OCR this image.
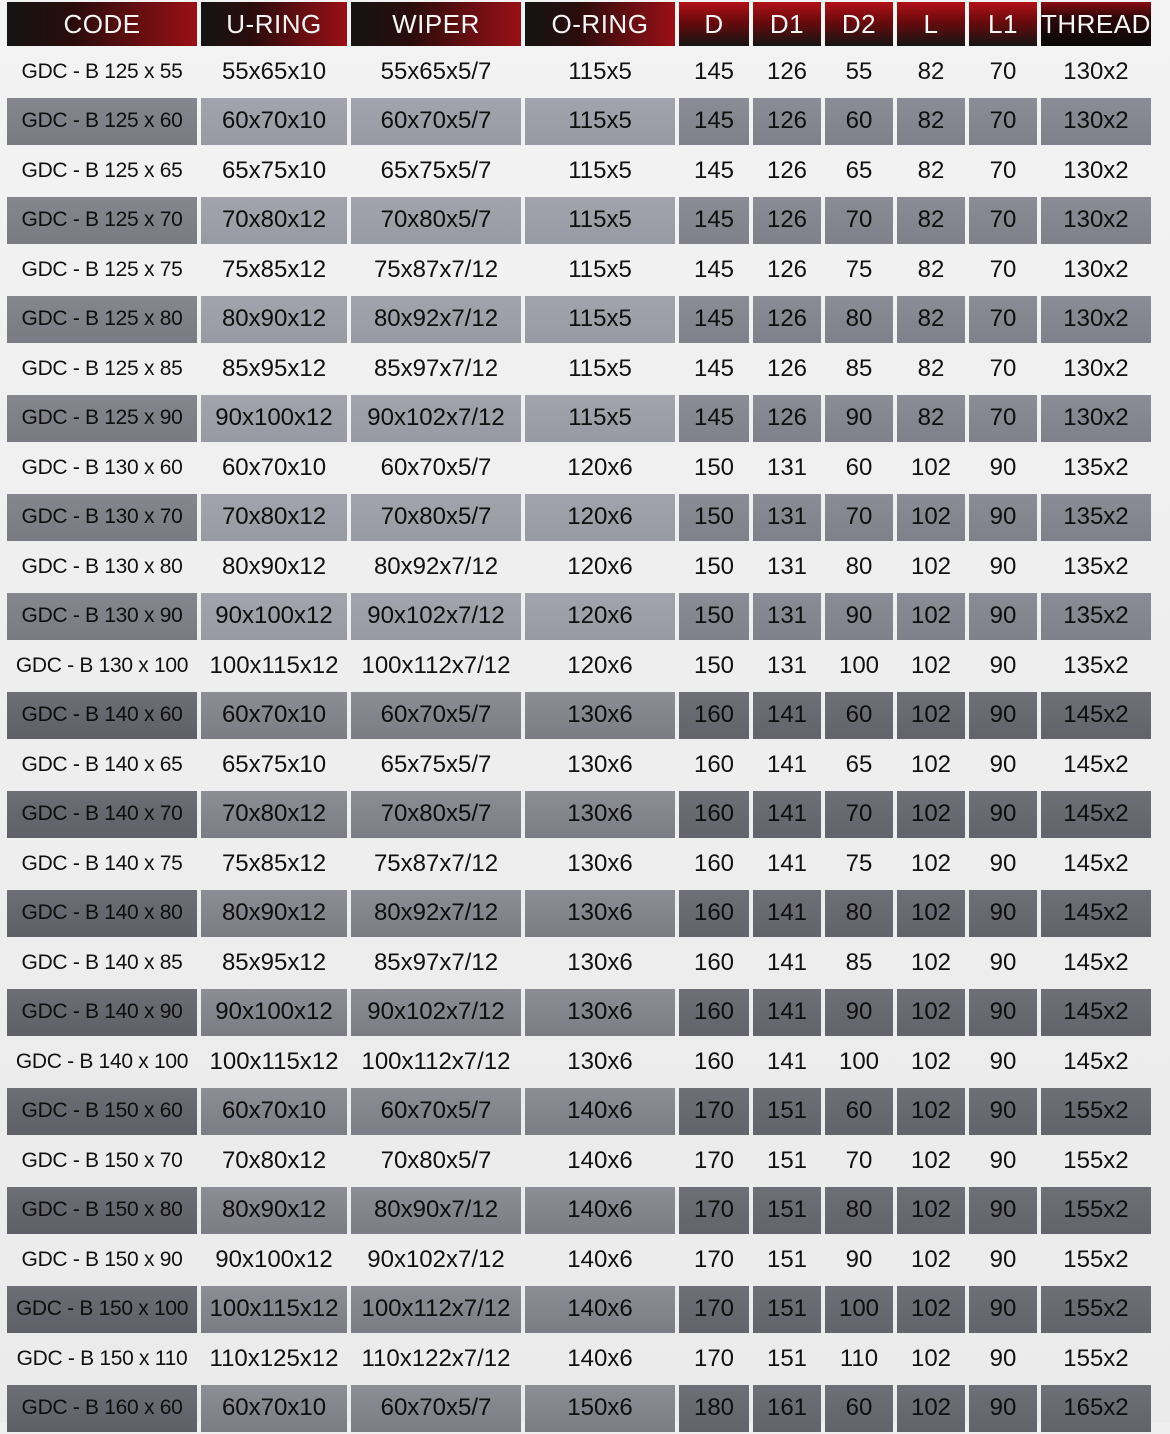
CODE	U-RING	WIPER	O-RING	D	D1	D2	L	L1	THREAD
GDC - B 125 x 55	55x65x10	55x65x5/7	115x5	145	126	55	82	70	130x2
GDC - B 125 x 60	60x70x10	60x70x5/7	115x5	145	126	60	82	70	130x2
GDC - B 125 x 65	65x75x10	65x75x5/7	115x5	145	126	65	82	70	130x2
GDC - B 125 x 70	70x80x12	70x80x5/7	115x5	145	126	70	82	70	130x2
GDC - B 125 x 75	75x85x12	75x87x7/12	115x5	145	126	75	82	70	130x2
GDC - B 125 x 80	80x90x12	80x92x7/12	115x5	145	126	80	82	70	130x2
GDC - B 125 x 85	85x95x12	85x97x7/12	115x5	145	126	85	82	70	130x2
GDC - B 125 x 90	90x100x12	90x102x7/12	115x5	145	126	90	82	70	130x2
GDC - B 130 x 60	60x70x10	60x70x5/7	120x6	150	131	60	102	90	135x2
GDC - B 130 x 70	70x80x12	70x80x5/7	120x6	150	131	70	102	90	135x2
GDC - B 130 x 80	80x90x12	80x92x7/12	120x6	150	131	80	102	90	135x2
GDC - B 130 x 90	90x100x12	90x102x7/12	120x6	150	131	90	102	90	135x2
GDC - B 130 x 100	100x115x12	100x112x7/12	120x6	150	131	100	102	90	135x2
GDC - B 140 x 60	60x70x10	60x70x5/7	130x6	160	141	60	102	90	145x2
GDC - B 140 x 65	65x75x10	65x75x5/7	130x6	160	141	65	102	90	145x2
GDC - B 140 x 70	70x80x12	70x80x5/7	130x6	160	141	70	102	90	145x2
GDC - B 140 x 75	75x85x12	75x87x7/12	130x6	160	141	75	102	90	145x2
GDC - B 140 x 80	80x90x12	80x92x7/12	130x6	160	141	80	102	90	145x2
GDC - B 140 x 85	85x95x12	85x97x7/12	130x6	160	141	85	102	90	145x2
GDC - B 140 x 90	90x100x12	90x102x7/12	130x6	160	141	90	102	90	145x2
GDC - B 140 x 100	100x115x12	100x112x7/12	130x6	160	141	100	102	90	145x2
GDC - B 150 x 60	60x70x10	60x70x5/7	140x6	170	151	60	102	90	155x2
GDC - B 150 x 70	70x80x12	70x80x5/7	140x6	170	151	70	102	90	155x2
GDC - B 150 x 80	80x90x12	80x90x7/12	140x6	170	151	80	102	90	155x2
GDC - B 150 x 90	90x100x12	90x102x7/12	140x6	170	151	90	102	90	155x2
GDC - B 150 x 100	100x115x12	100x112x7/12	140x6	170	151	100	102	90	155x2
GDC - B 150 x 110	110x125x12	110x122x7/12	140x6	170	151	110	102	90	155x2
GDC - B 160 x 60	60x70x10	60x70x5/7	150x6	180	161	60	102	90	165x2
